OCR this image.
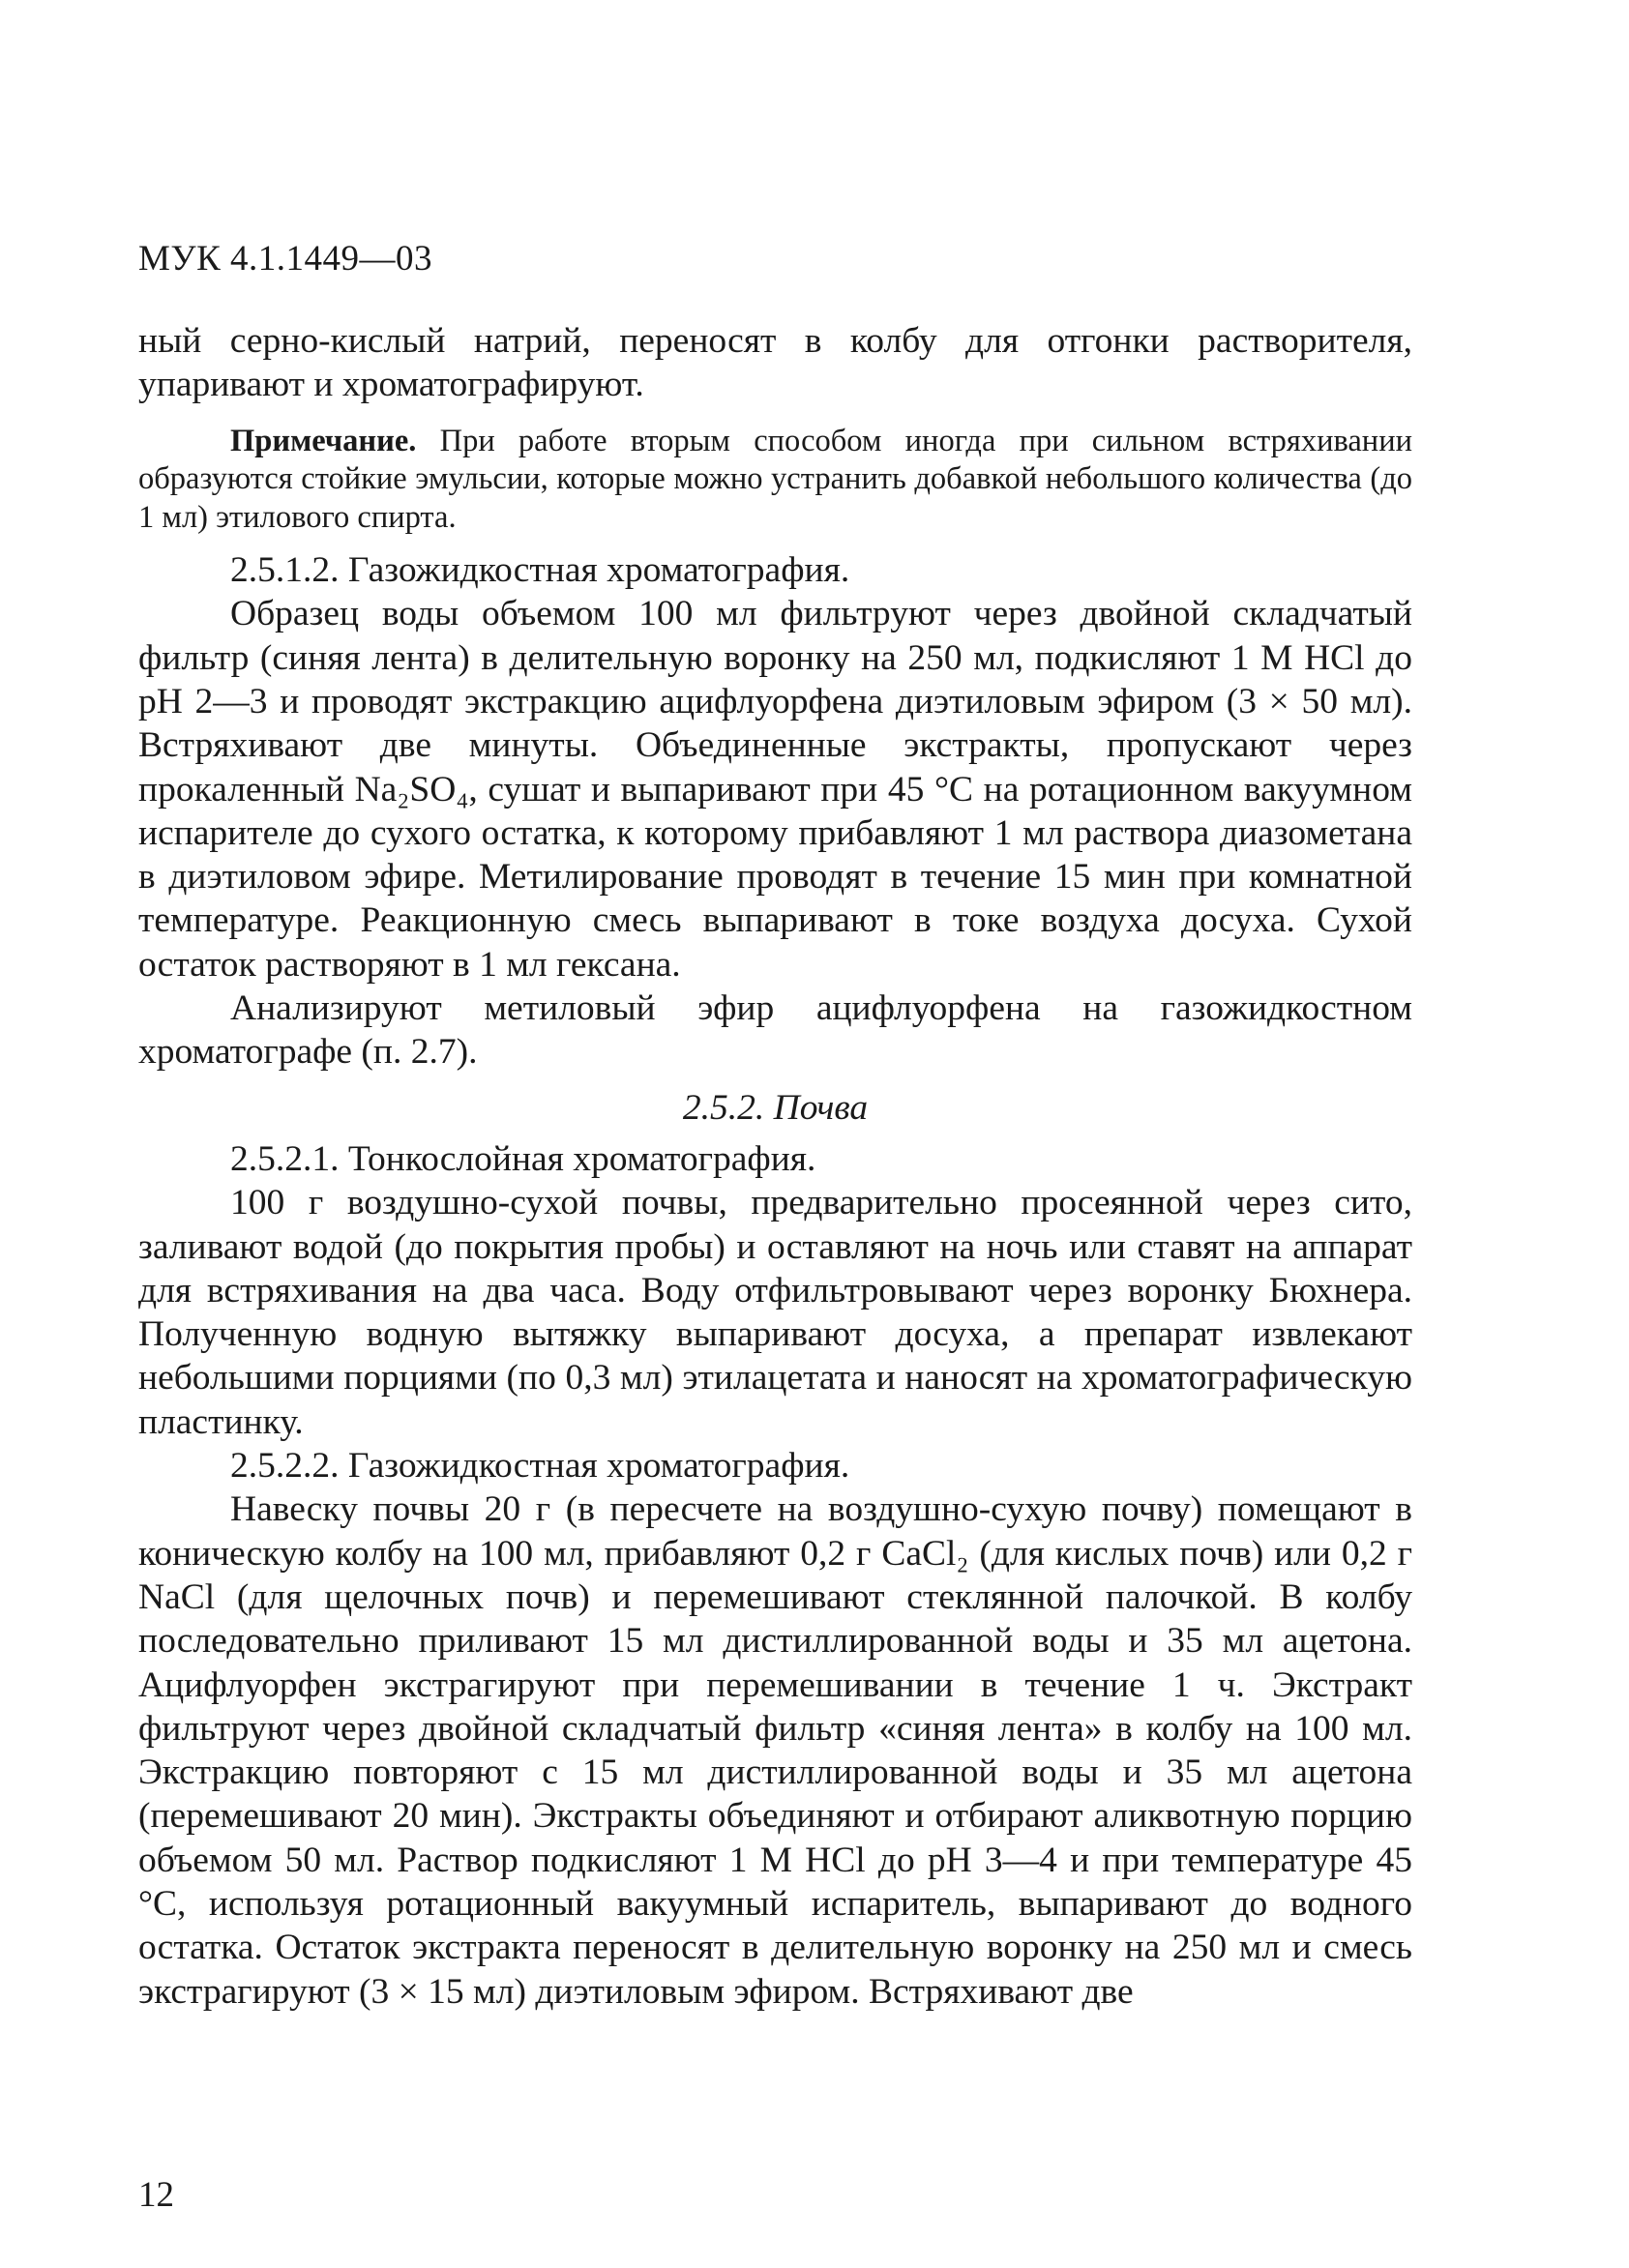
МУК 4.1.1449—03

ный серно-кислый натрий, переносят в колбу для отгонки растворителя, упаривают и хроматографируют.

Примечание. При работе вторым способом иногда при сильном встряхивании образуются стойкие эмульсии, которые можно устранить добавкой небольшого количества (до 1 мл) этилового спирта.

2.5.1.2. Газожидкостная хроматография.

Образец воды объемом 100 мл фильтруют через двойной складчатый фильтр (синяя лента) в делительную воронку на 250 мл, подкисляют 1 М HCl до pH 2—3 и проводят экстракцию ацифлуорфена диэтиловым эфиром (3 × 50 мл). Встряхивают две минуты. Объединенные экстракты, пропускают через прокаленный Na₂SO₄, сушат и выпаривают при 45 °С на ротационном вакуумном испарителе до сухого остатка, к которому прибавляют 1 мл раствора диазометана в диэтиловом эфире. Метилирование проводят в течение 15 мин при комнатной температуре. Реакционную смесь выпаривают в токе воздуха досуха. Сухой остаток растворяют в 1 мл гексана.

Анализируют метиловый эфир ацифлуорфена на газожидкостном хроматографе (п. 2.7).

2.5.2. Почва

2.5.2.1. Тонкослойная хроматография.

100 г воздушно-сухой почвы, предварительно просеянной через сито, заливают водой (до покрытия пробы) и оставляют на ночь или ставят на аппарат для встряхивания на два часа. Воду отфильтровывают через воронку Бюхнера. Полученную водную вытяжку выпаривают досуха, а препарат извлекают небольшими порциями (по 0,3 мл) этилацетата и наносят на хроматографическую пластинку.

2.5.2.2. Газожидкостная хроматография.

Навеску почвы 20 г (в пересчете на воздушно-сухую почву) помещают в коническую колбу на 100 мл, прибавляют 0,2 г CaCl₂ (для кислых почв) или 0,2 г NaCl (для щелочных почв) и перемешивают стеклянной палочкой. В колбу последовательно приливают 15 мл дистиллированной воды и 35 мл ацетона. Ацифлуорфен экстрагируют при перемешивании в течение 1 ч. Экстракт фильтруют через двойной складчатый фильтр «синяя лента» в колбу на 100 мл. Экстракцию повторяют с 15 мл дистиллированной воды и 35 мл ацетона (перемешивают 20 мин). Экстракты объединяют и отбирают аликвотную порцию объемом 50 мл. Раствор подкисляют 1 М HCl до pH 3—4 и при температуре 45 °С, используя ротационный вакуумный испаритель, выпаривают до водного остатка. Остаток экстракта переносят в делительную воронку на 250 мл и смесь экстрагируют (3 × 15 мл) диэтиловым эфиром. Встряхивают две

12
